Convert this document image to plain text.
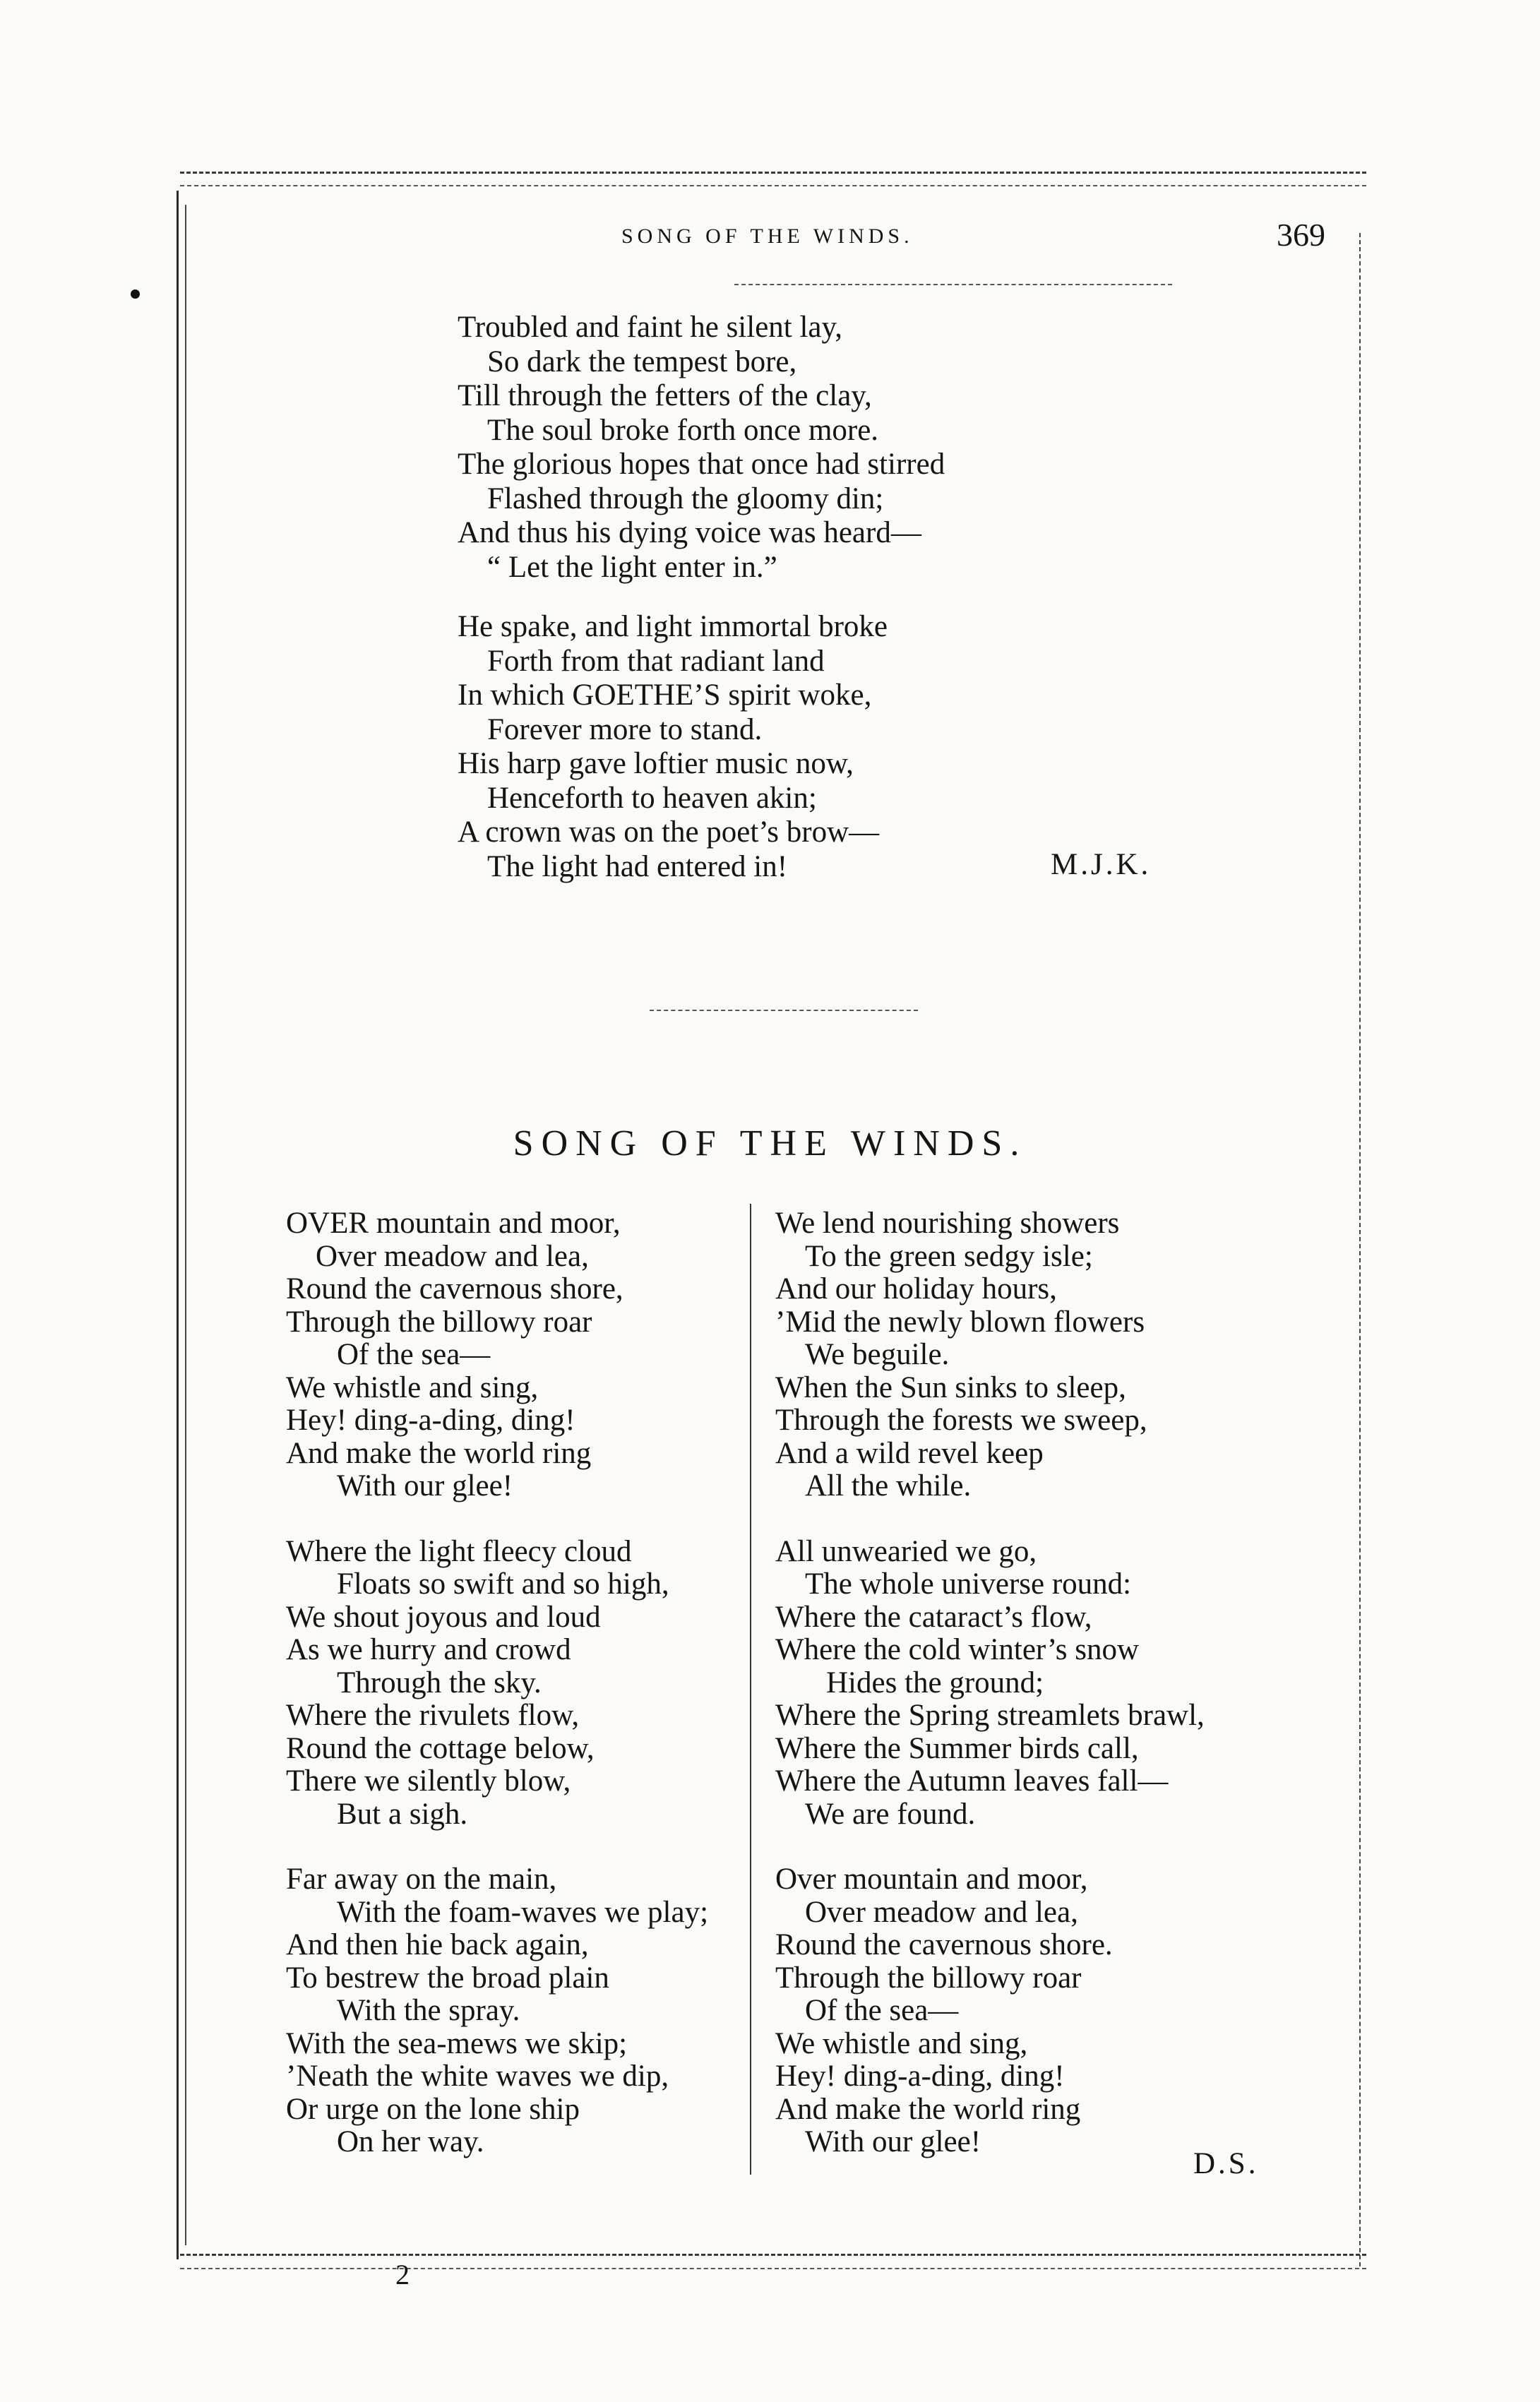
SONG OF THE WINDS.	369
Troubled and faint he silent lay,
So dark the tempest bore,
Till through the fetters of the clay,
The soul broke forth once more.
The glorious hopes that once had stirred
Flashed through the gloomy din;
And thus his dying voice was heard—
“ Let the light enter in.”
He spake, and light immortal broke
Forth from that radiant land
In which GOETHE’S spirit woke,
Forever more to stand.
His harp gave loftier music now,
Henceforth to heaven akin;
A crown was on the poet’s brow—
The light had entered in!	M.J.K.
SONG OF THE WINDS.
OVER mountain and moor,
Over meadow and lea,
Round the cavernous shore,
Through the billowy roar
Of the sea—
We whistle and sing,
Hey! ding-a-ding, ding!
And make the world ring
With our glee!
Where the light fleecy cloud
Floats so swift and so high,
We shout joyous and loud
As we hurry and crowd
Through the sky.
Where the rivulets flow,
Round the cottage below,
There we silently blow,
But a sigh.
Far away on the main,
With the foam-waves we play;
And then hie back again,
To bestrew the broad plain
With the spray.
With the sea-mews we skip;
’Neath the white waves we dip,
Or urge on the lone ship
On her way.
We lend nourishing showers
To the green sedgy isle;
And our holiday hours,
’Mid the newly blown flowers
We beguile.
When the Sun sinks to sleep,
Through the forests we sweep,
And a wild revel keep
All the while.
All unwearied we go,
The whole universe round:
Where the cataract’s flow,
Where the cold winter’s snow
Hides the ground;
Where the Spring streamlets brawl,
Where the Summer birds call,
Where the Autumn leaves fall—
We are found.
Over mountain and moor,
Over meadow and lea,
Round the cavernous shore.
Through the billowy roar
Of the sea—
We whistle and sing,
Hey! ding-a-ding, ding!
And make the world ring
With our glee!
D.S.
2
